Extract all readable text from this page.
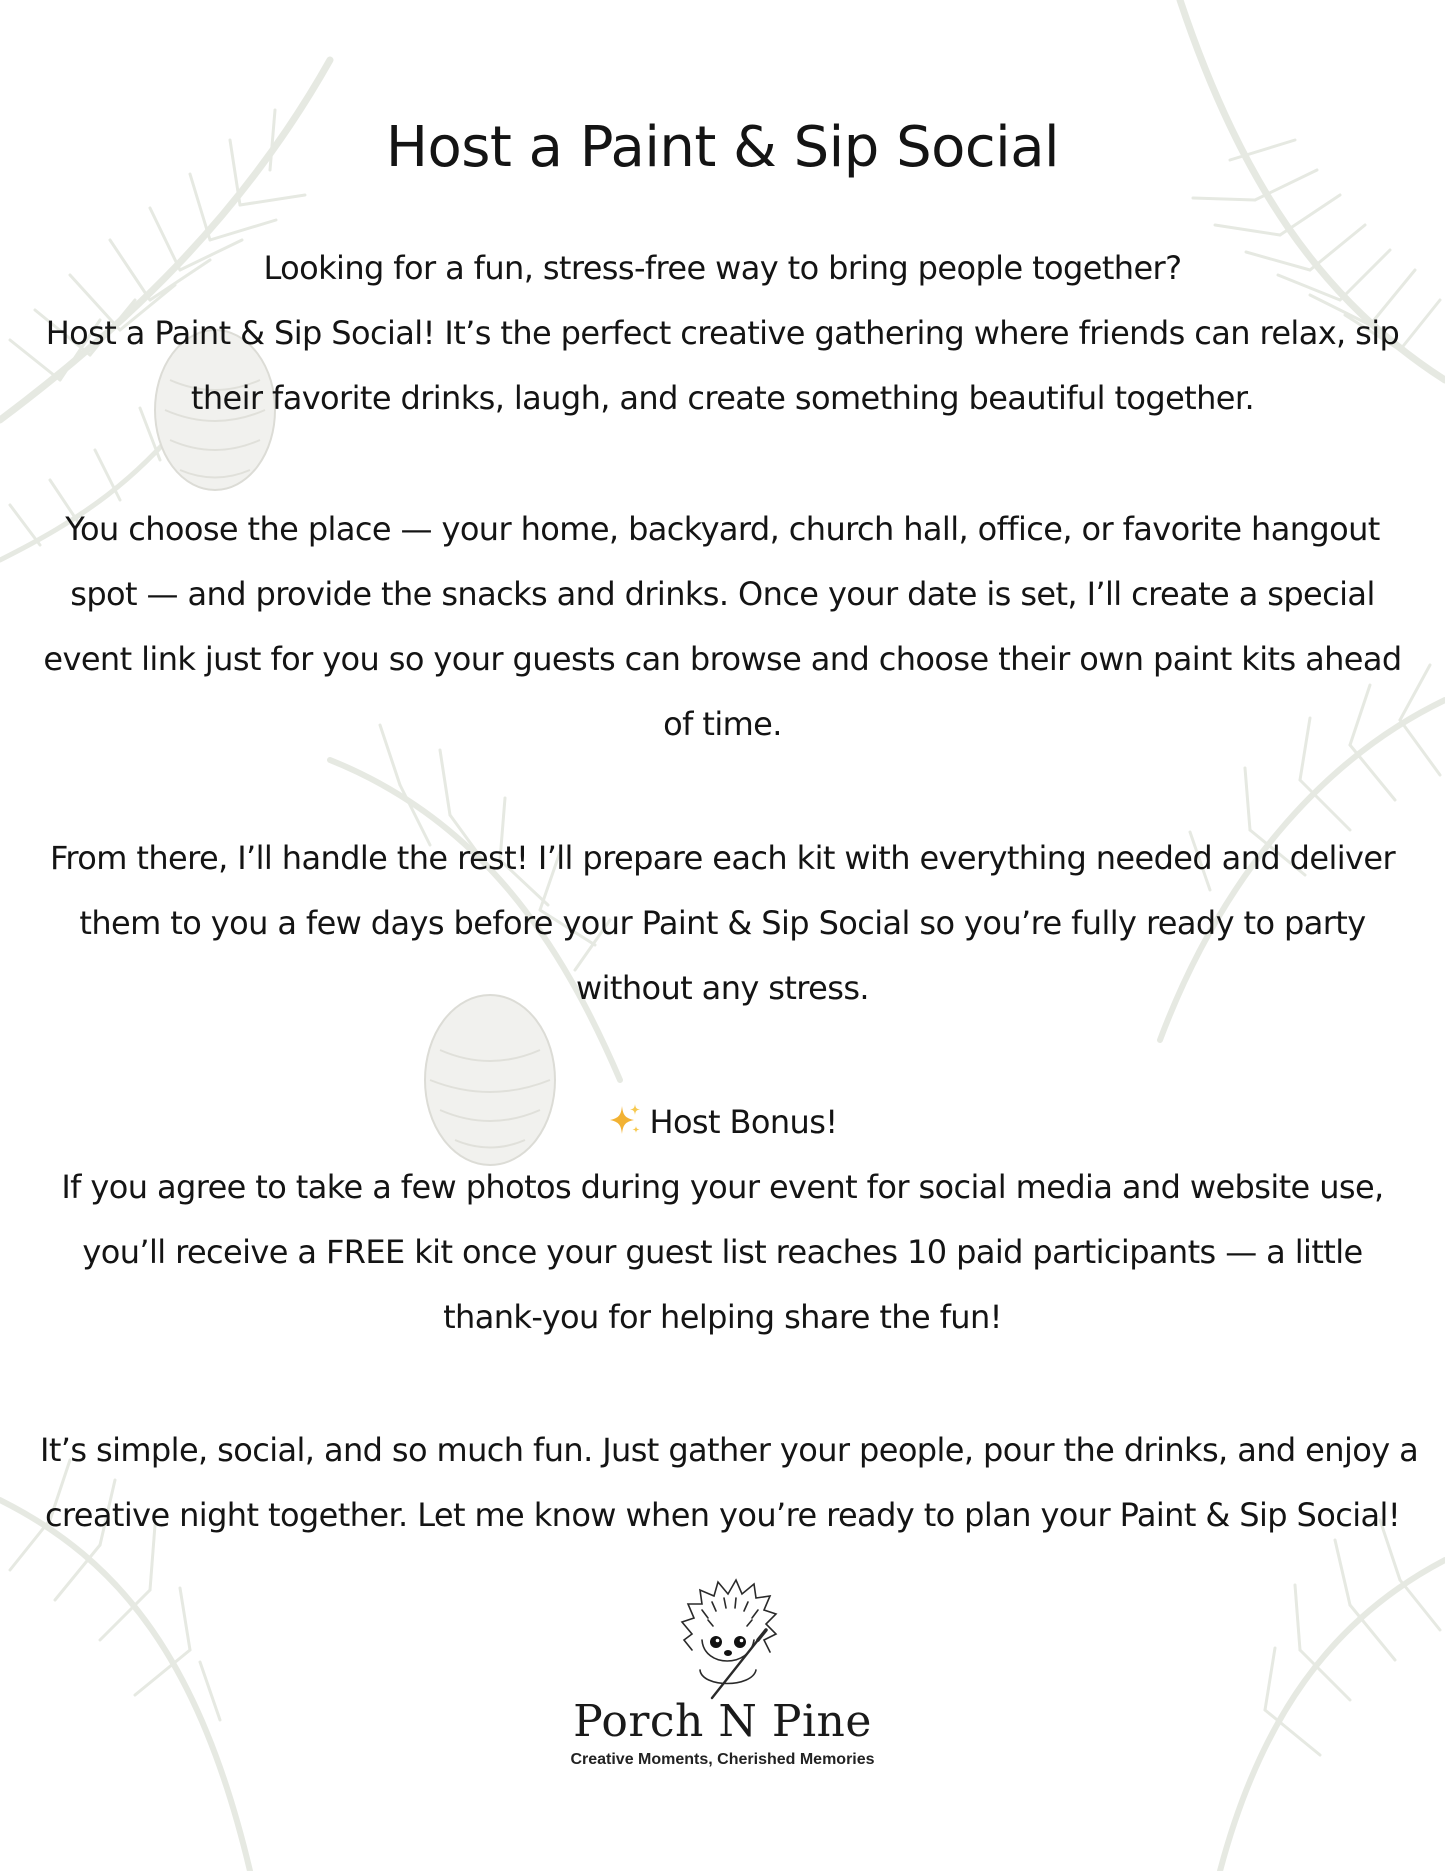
Host a Paint & Sip Social

Looking for a fun, stress-free way to bring people together?
Host a Paint & Sip Social! It’s the perfect creative gathering where friends can relax, sip
their favorite drinks, laugh, and create something beautiful together.

You choose the place — your home, backyard, church hall, office, or favorite hangout
spot — and provide the snacks and drinks. Once your date is set, I’ll create a special
event link just for you so your guests can browse and choose their own paint kits ahead
of time.

From there, I’ll handle the rest! I’ll prepare each kit with everything needed and deliver
them to you a few days before your Paint & Sip Social so you’re fully ready to party
without any stress.

Host Bonus!
If you agree to take a few photos during your event for social media and website use,
you’ll receive a FREE kit once your guest list reaches 10 paid participants — a little
thank-you for helping share the fun!

It’s simple, social, and so much fun. Just gather your people, pour the drinks, and enjoy a
creative night together. Let me know when you’re ready to plan your Paint & Sip Social!

Porch N Pine
Creative Moments, Cherished Memories
